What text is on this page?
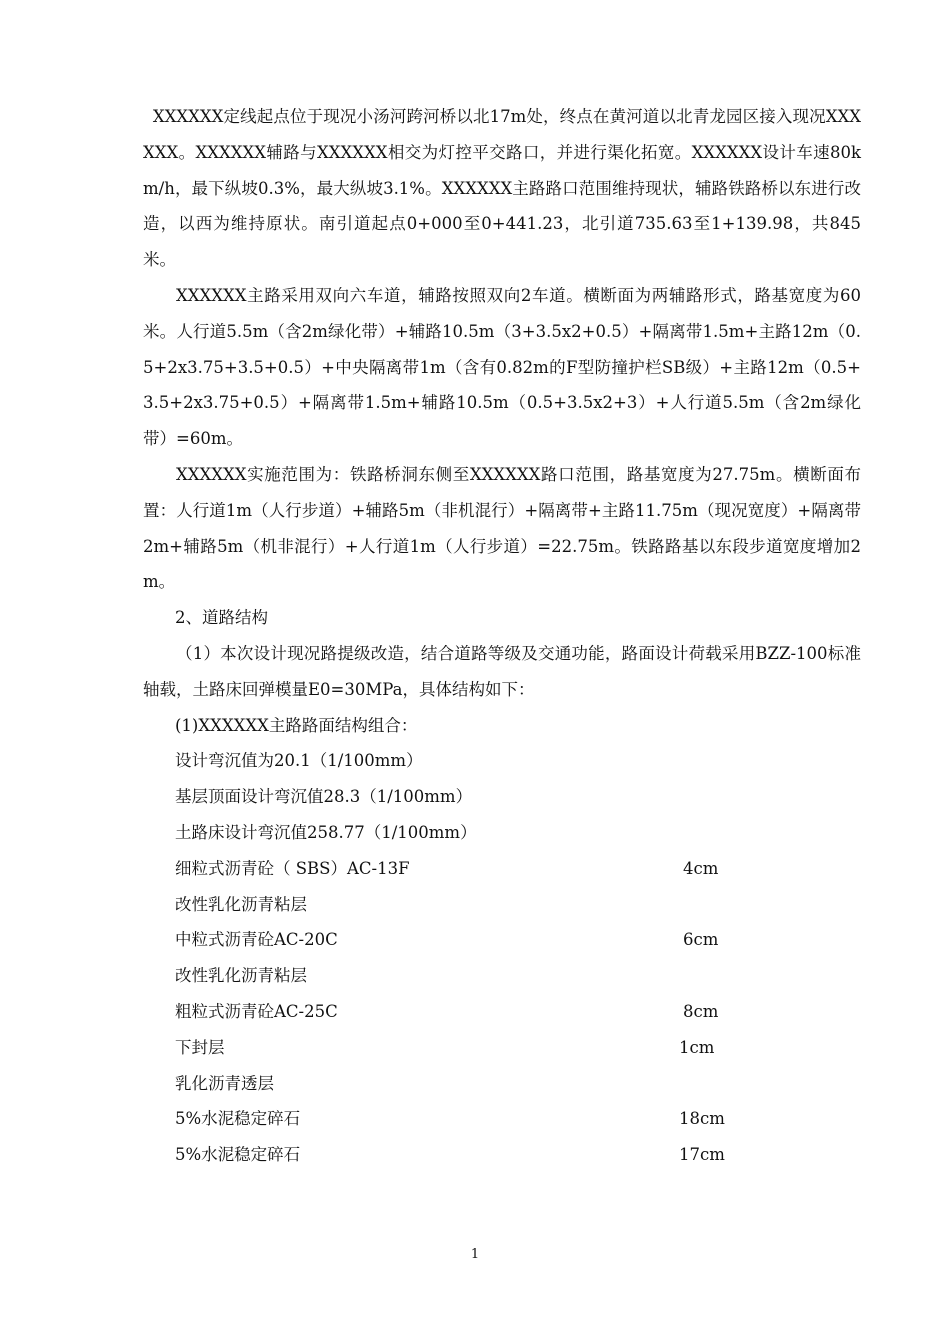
XXXXXX定线起点位于现况小汤河跨河桥以北17m处，终点在黄河道以北青龙园区接入现况XXXXXX。XXXXXX辅路与XXXXXX相交为灯控平交路口，并进行渠化拓宽。XXXXXX设计车速80km/h，最下纵坡0.3%，最大纵坡3.1%。XXXXXX主路路口范围维持现状，辅路铁路桥以东进行改造，以西为维持原状。南引道起点0+000至0+441.23，北引道735.63至1+139.98，共845米。

XXXXXX主路采用双向六车道，辅路按照双向2车道。横断面为两辅路形式，路基宽度为60米。人行道5.5m（含2m绿化带）+辅路10.5m（3+3.5x2+0.5）+隔离带1.5m+主路12m（0.5+2x3.75+3.5+0.5）+中央隔离带1m（含有0.82m的F型防撞护栏SB级）+主路12m（0.5+3.5+2x3.75+0.5）+隔离带1.5m+辅路10.5m（0.5+3.5x2+3）+人行道5.5m（含2m绿化带）=60m。

XXXXXX实施范围为：铁路桥洞东侧至XXXXXX路口范围，路基宽度为27.75m。横断面布置：人行道1m（人行步道）+辅路5m（非机混行）+隔离带+主路11.75m（现况宽度）+隔离带2m+辅路5m（机非混行）+人行道1m（人行步道）=22.75m。铁路路基以东段步道宽度增加2m。

2、道路结构

（1）本次设计现况路提级改造，结合道路等级及交通功能，路面设计荷载采用BZZ-100标准轴载，土路床回弹模量E0=30MPa，具体结构如下：

(1)XXXXXX主路路面结构组合：

设计弯沉值为20.1（1/100mm）

基层顶面设计弯沉值28.3（1/100mm）

土路床设计弯沉值258.77（1/100mm）

细粒式沥青砼（ SBS）AC-13F	4cm
改性乳化沥青粘层
中粒式沥青砼AC-20C	6cm
改性乳化沥青粘层
粗粒式沥青砼AC-25C	8cm
下封层	1cm
乳化沥青透层
5%水泥稳定碎石	18cm
5%水泥稳定碎石	17cm
1
